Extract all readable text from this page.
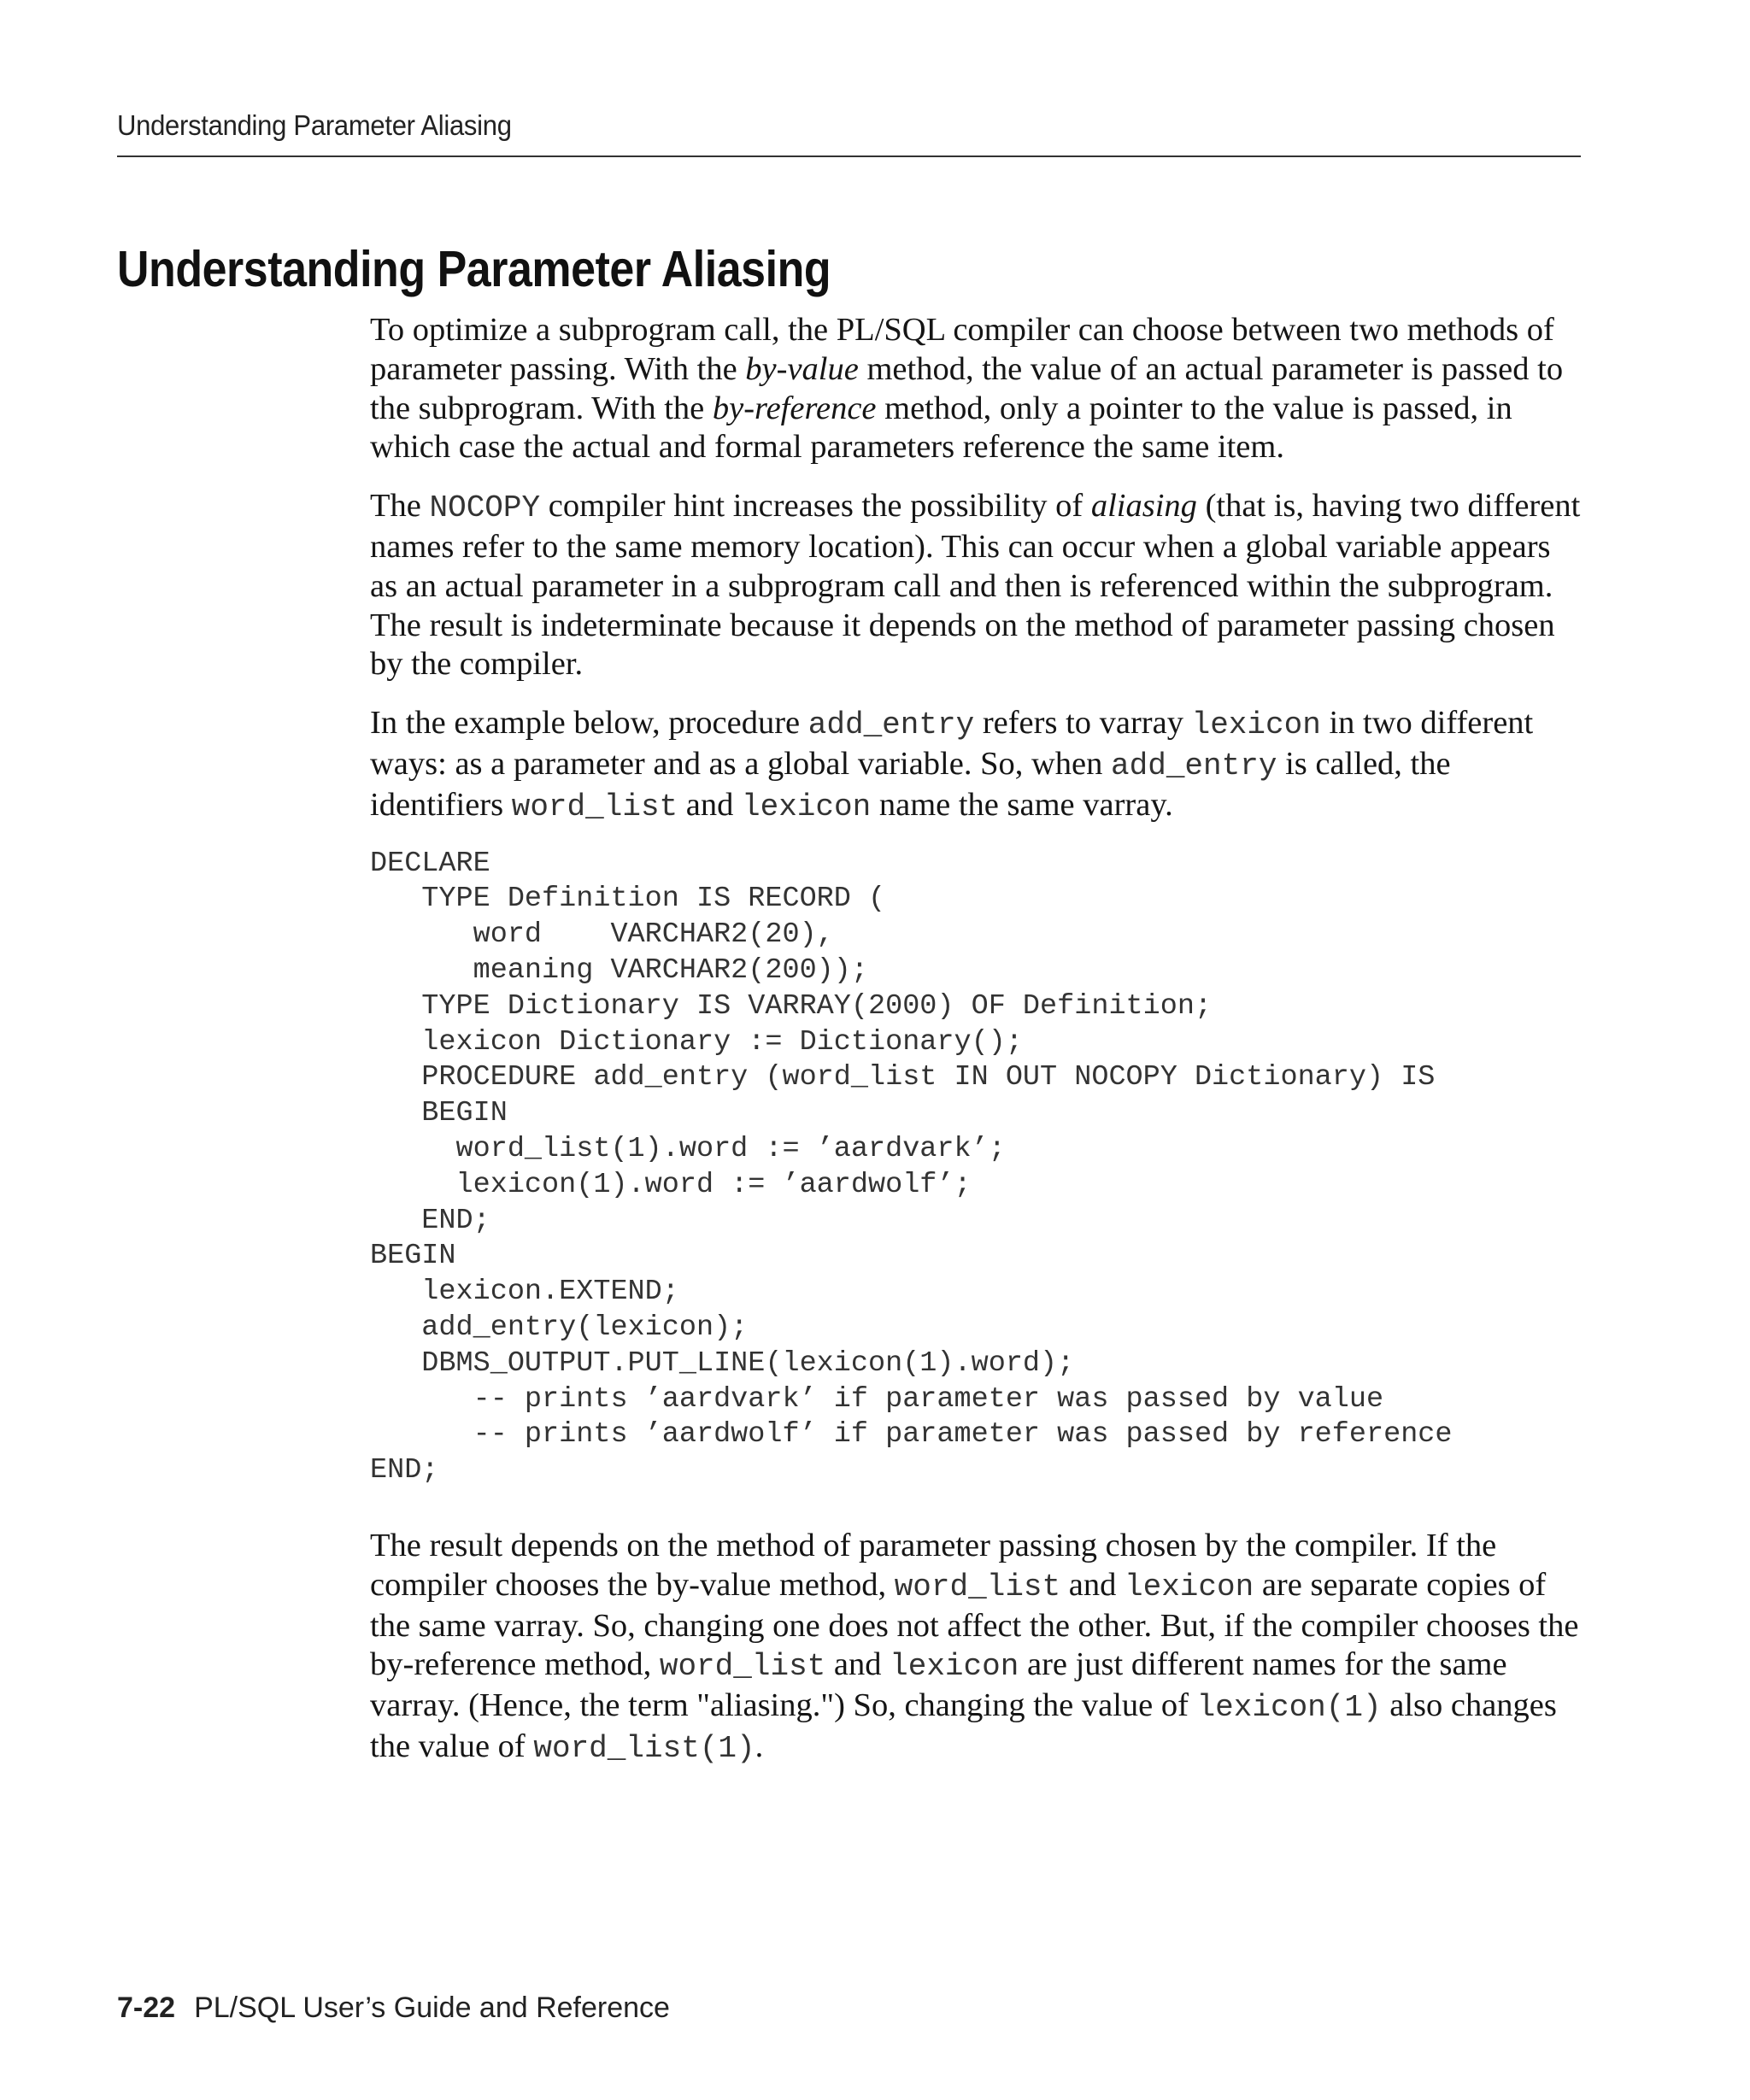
Understanding Parameter Aliasing
Understanding Parameter Aliasing

To optimize a subprogram call, the PL/SQL compiler can choose between two methods of parameter passing. With the by-value method, the value of an actual parameter is passed to the subprogram. With the by-reference method, only a pointer to the value is passed, in which case the actual and formal parameters reference the same item.

The NOCOPY compiler hint increases the possibility of aliasing (that is, having two different names refer to the same memory location). This can occur when a global variable appears as an actual parameter in a subprogram call and then is referenced within the subprogram. The result is indeterminate because it depends on the method of parameter passing chosen by the compiler.

In the example below, procedure add_entry refers to varray lexicon in two different ways: as a parameter and as a global variable. So, when add_entry is called, the identifiers word_list and lexicon name the same varray.

DECLARE
TYPE Definition IS RECORD (
word    VARCHAR2(20),
meaning VARCHAR2(200));
TYPE Dictionary IS VARRAY(2000) OF Definition;
lexicon Dictionary := Dictionary();
PROCEDURE add_entry (word_list IN OUT NOCOPY Dictionary) IS
BEGIN
word_list(1).word := ’aardvark’;
lexicon(1).word := ’aardwolf’;
END;
BEGIN
lexicon.EXTEND;
add_entry(lexicon);
DBMS_OUTPUT.PUT_LINE(lexicon(1).word);
-- prints ’aardvark’ if parameter was passed by value
-- prints ’aardwolf’ if parameter was passed by reference
END;

The result depends on the method of parameter passing chosen by the compiler. If the compiler chooses the by-value method, word_list and lexicon are separate copies of the same varray. So, changing one does not affect the other. But, if the compiler chooses the by-reference method, word_list and lexicon are just different names for the same varray. (Hence, the term "aliasing.") So, changing the value of lexicon(1) also changes the value of word_list(1).

7-22 PL/SQL User’s Guide and Reference
